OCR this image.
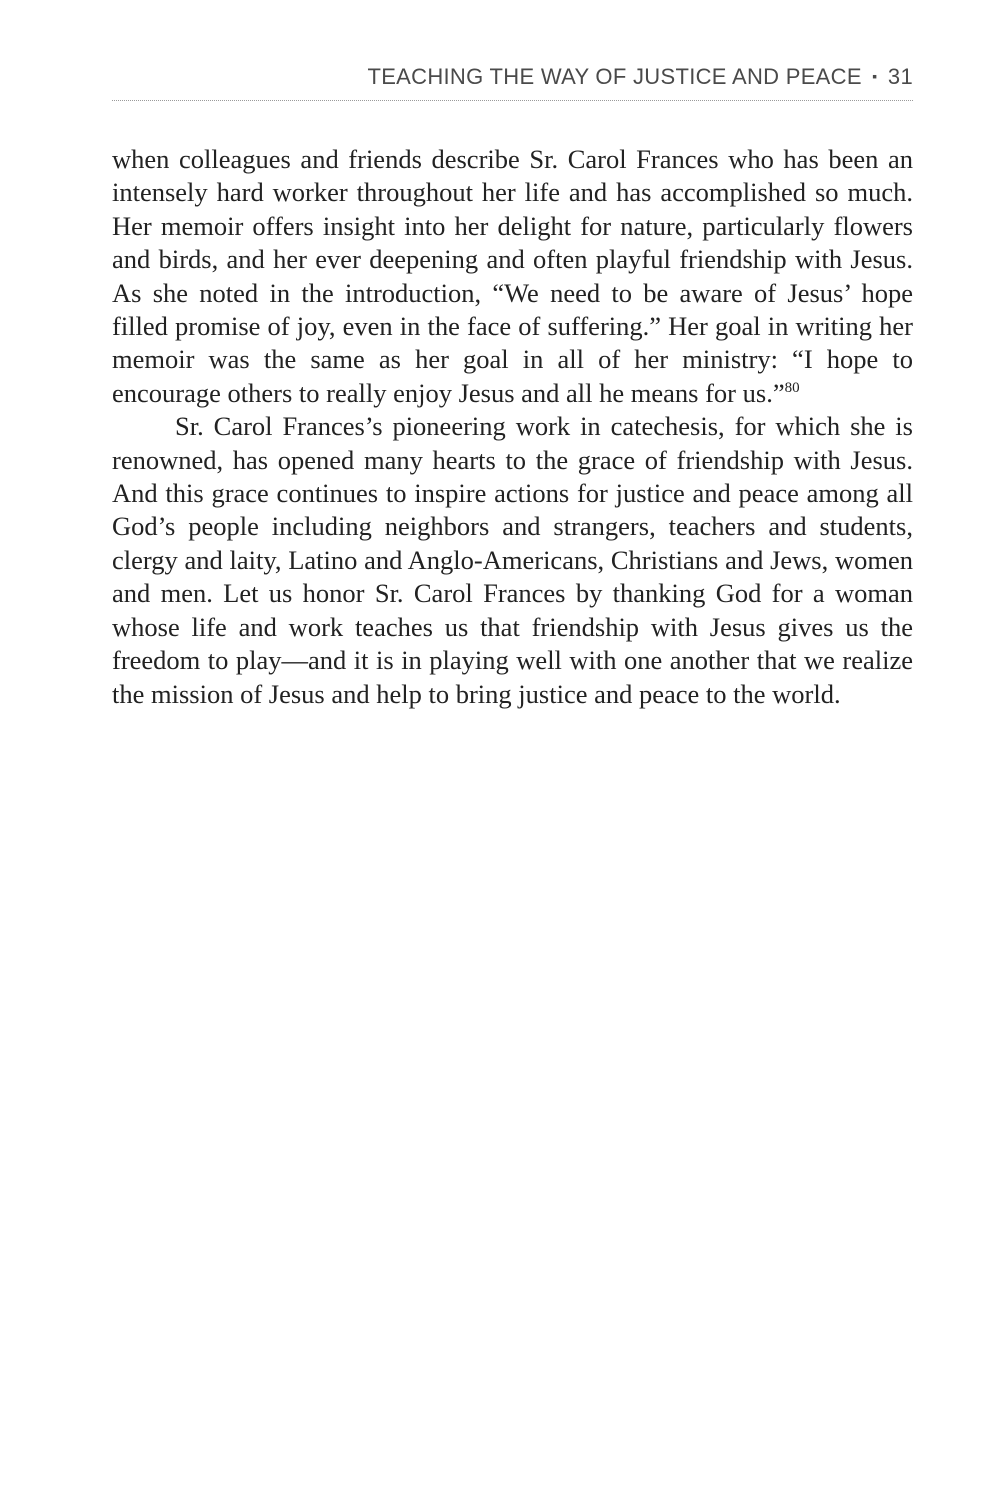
TEACHING THE WAY OF JUSTICE AND PEACE ▪ 31

when colleagues and friends describe Sr. Carol Frances who has been an intensely hard worker throughout her life and has accomplished so much. Her memoir offers insight into her delight for nature, particularly flowers and birds, and her ever deepening and often playful friendship with Jesus. As she noted in the introduction, “We need to be aware of Jesus’ hope filled promise of joy, even in the face of suffering.” Her goal in writing her memoir was the same as her goal in all of her ministry: “I hope to encourage others to really enjoy Jesus and all he means for us.”$^{80}$

Sr. Carol Frances’s pioneering work in catechesis, for which she is renowned, has opened many hearts to the grace of friendship with Jesus. And this grace continues to inspire actions for justice and peace among all God’s people including neighbors and strangers, teachers and students, clergy and laity, Latino and Anglo-Americans, Christians and Jews, women and men. Let us honor Sr. Carol Frances by thanking God for a woman whose life and work teaches us that friendship with Jesus gives us the freedom to play—and it is in playing well with one another that we realize the mission of Jesus and help to bring justice and peace to the world.
